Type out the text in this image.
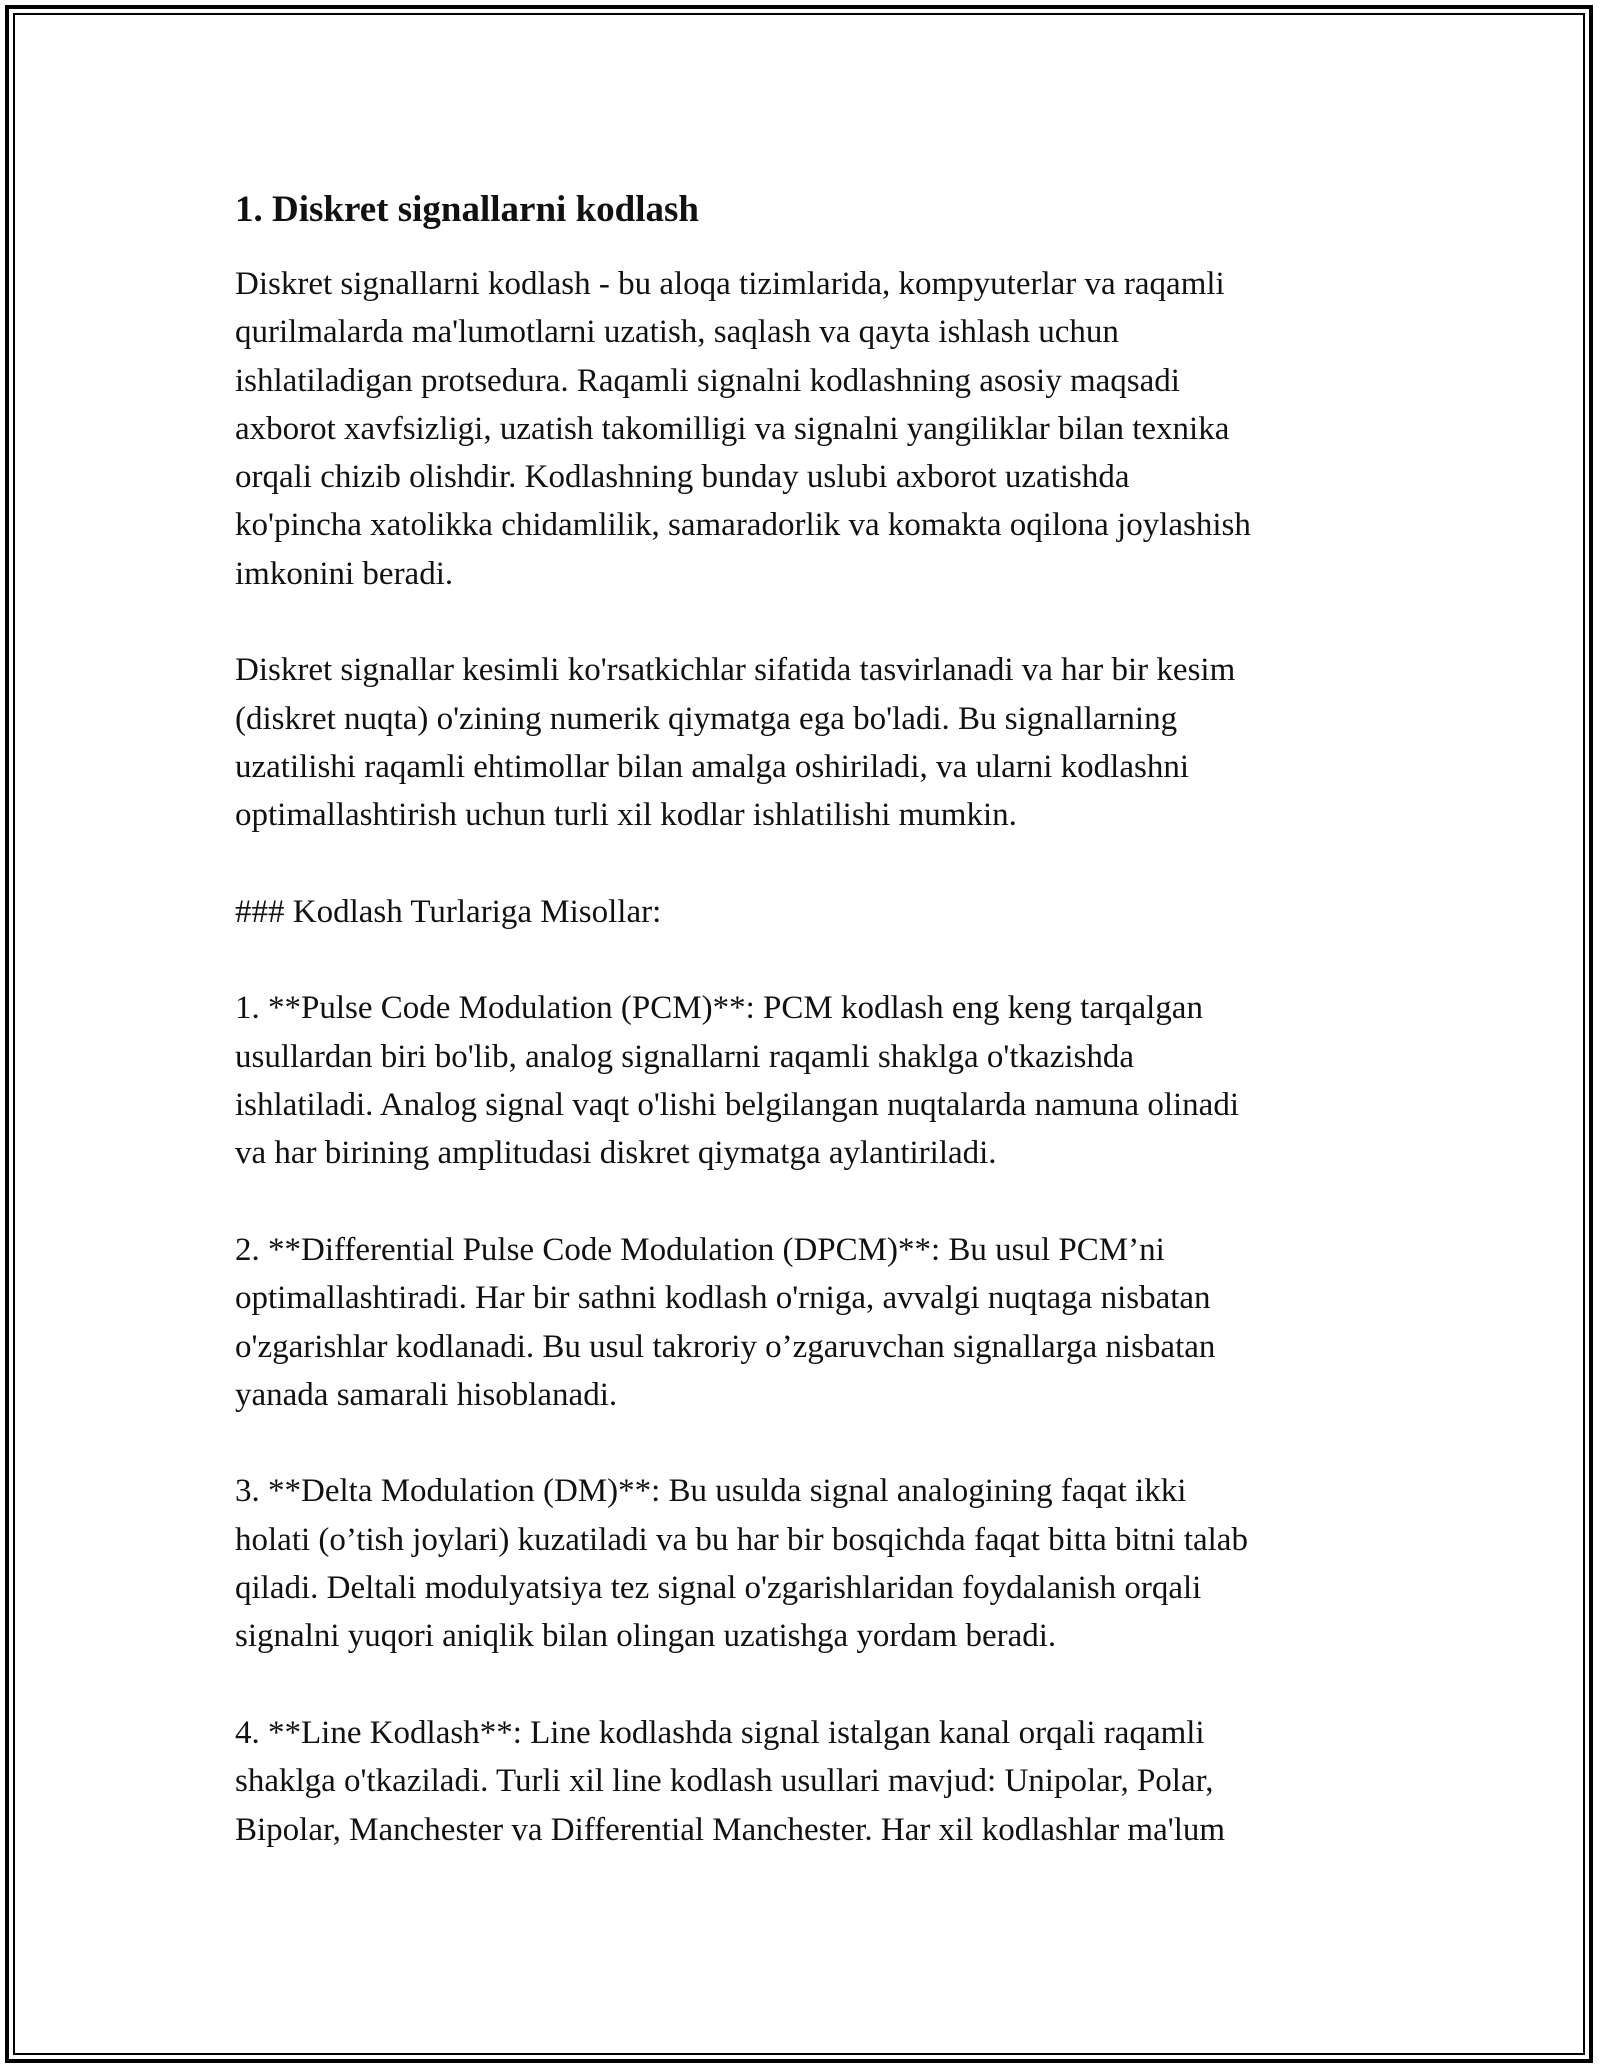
1. Diskret signallarni kodlash

Diskret signallarni kodlash - bu aloqa tizimlarida, kompyuterlar va raqamli
qurilmalarda ma'lumotlarni uzatish, saqlash va qayta ishlash uchun
ishlatiladigan protsedura. Raqamli signalni kodlashning asosiy maqsadi
axborot xavfsizligi, uzatish takomilligi va signalni yangiliklar bilan texnika
orqali chizib olishdir. Kodlashning bunday uslubi axborot uzatishda
ko'pincha xatolikka chidamlilik, samaradorlik va komakta oqilona joylashish
imkonini beradi.

Diskret signallar kesimli ko'rsatkichlar sifatida tasvirlanadi va har bir kesim
(diskret nuqta) o'zining numerik qiymatga ega bo'ladi. Bu signallarning
uzatilishi raqamli ehtimollar bilan amalga oshiriladi, va ularni kodlashni
optimallashtirish uchun turli xil kodlar ishlatilishi mumkin.

### Kodlash Turlariga Misollar:

1. **Pulse Code Modulation (PCM)**: PCM kodlash eng keng tarqalgan
usullardan biri bo'lib, analog signallarni raqamli shaklga o'tkazishda
ishlatiladi. Analog signal vaqt o'lishi belgilangan nuqtalarda namuna olinadi
va har birining amplitudasi diskret qiymatga aylantiriladi.

2. **Differential Pulse Code Modulation (DPCM)**: Bu usul PCM’ni
optimallashtiradi. Har bir sathni kodlash o'rniga, avvalgi nuqtaga nisbatan
o'zgarishlar kodlanadi. Bu usul takroriy o’zgaruvchan signallarga nisbatan
yanada samarali hisoblanadi.

3. **Delta Modulation (DM)**: Bu usulda signal analogining faqat ikki
holati (o’tish joylari) kuzatiladi va bu har bir bosqichda faqat bitta bitni talab
qiladi. Deltali modulyatsiya tez signal o'zgarishlaridan foydalanish orqali
signalni yuqori aniqlik bilan olingan uzatishga yordam beradi.

4. **Line Kodlash**: Line kodlashda signal istalgan kanal orqali raqamli
shaklga o'tkaziladi. Turli xil line kodlash usullari mavjud: Unipolar, Polar,
Bipolar, Manchester va Differential Manchester. Har xil kodlashlar ma'lum
